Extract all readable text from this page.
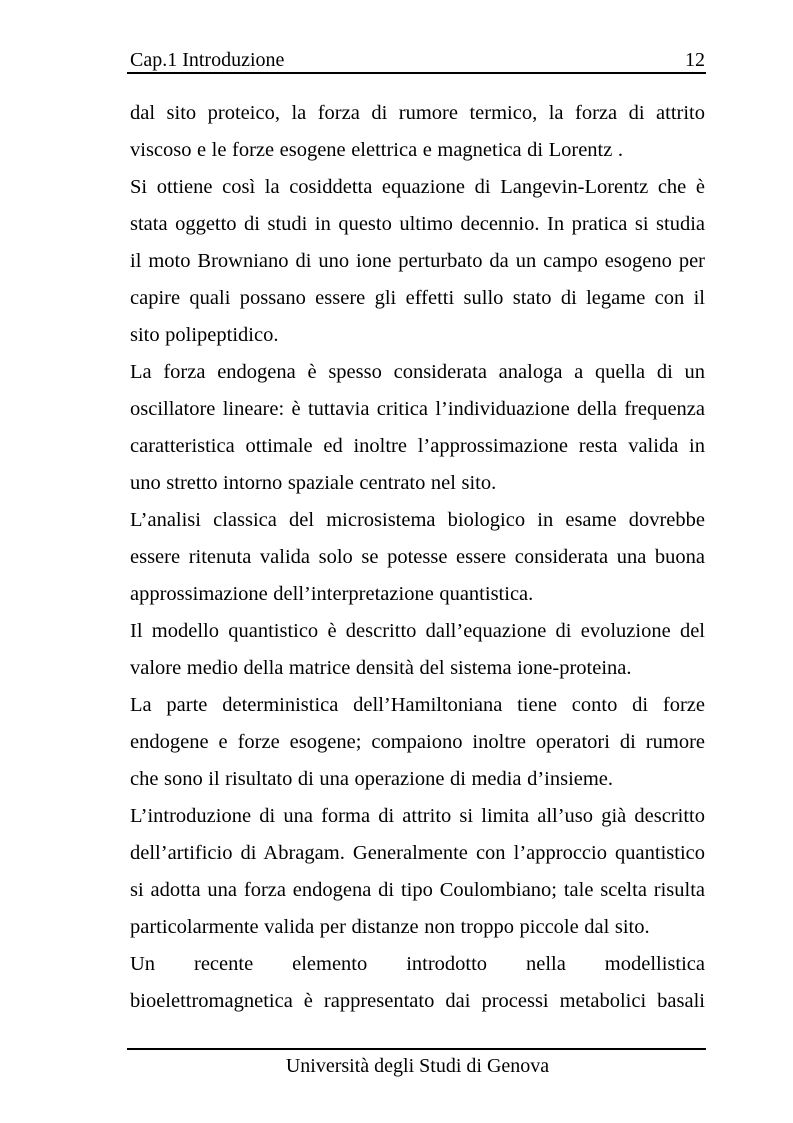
Cap.1 Introduzione	12
dal sito proteico, la forza di rumore termico, la forza di attrito
viscoso e le forze esogene elettrica e magnetica di Lorentz .
Si ottiene così la cosiddetta equazione di Langevin-Lorentz che è
stata oggetto di studi in questo ultimo decennio. In pratica si studia
il moto Browniano di uno ione perturbato da un campo esogeno per
capire quali possano essere gli effetti sullo stato di legame con il
sito polipeptidico.
La forza endogena è spesso considerata analoga a quella di un
oscillatore lineare: è tuttavia critica l’individuazione della frequenza
caratteristica ottimale ed inoltre l’approssimazione resta valida in
uno stretto intorno spaziale centrato nel sito.
L’analisi classica del microsistema biologico in esame dovrebbe
essere ritenuta valida solo se potesse essere considerata una buona
approssimazione dell’interpretazione quantistica.
Il modello quantistico è descritto dall’equazione di evoluzione del
valore medio della matrice densità del sistema ione-proteina.
La parte deterministica dell’Hamiltoniana tiene conto di forze
endogene e forze esogene; compaiono inoltre operatori di rumore
che sono il risultato di una operazione di media d’insieme.
L’introduzione di una forma di attrito si limita all’uso già descritto
dell’artificio di Abragam. Generalmente con l’approccio quantistico
si adotta una forza endogena di tipo Coulombiano; tale scelta risulta
particolarmente valida per distanze non troppo piccole dal sito.
Un recente elemento introdotto nella modellistica
bioelettromagnetica è rappresentato dai processi metabolici basali
Università degli Studi di Genova
